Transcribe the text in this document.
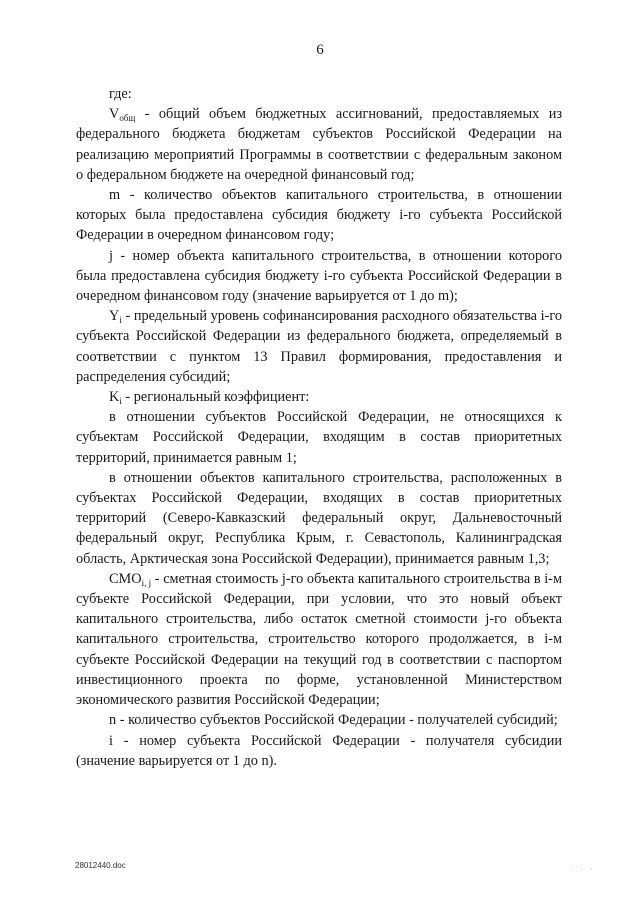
6

где:

$V_{общ}$ - общий объем бюджетных ассигнований, предоставляемых из федерального бюджета бюджетам субъектов Российской Федерации на реализацию мероприятий Программы в соответствии с федеральным законом о федеральном бюджете на очередной финансовый год;

m - количество объектов капитального строительства, в отношении которых была предоставлена субсидия бюджету i-го субъекта Российской Федерации в очередном финансовом году;

j - номер объекта капитального строительства, в отношении которого была предоставлена субсидия бюджету i-го субъекта Российской Федерации в очередном финансовом году (значение варьируется от 1 до m);

$Y_i$ - предельный уровень софинансирования расходного обязательства i-го субъекта Российской Федерации из федерального бюджета, определяемый в соответствии с пунктом 13 Правил формирования, предоставления и распределения субсидий;

$K_i$ - региональный коэффициент:

в отношении субъектов Российской Федерации, не относящихся к субъектам Российской Федерации, входящим в состав приоритетных территорий, принимается равным 1;

в отношении объектов капитального строительства, расположенных в субъектах Российской Федерации, входящих в состав приоритетных территорий (Северо-Кавказский федеральный округ, Дальневосточный федеральный округ, Республика Крым, г. Севастополь, Калининградская область, Арктическая зона Российской Федерации), принимается равным 1,3;

$СМО_{i, j}$ - сметная стоимость j-го объекта капитального строительства в i-м субъекте Российской Федерации, при условии, что это новый объект капитального строительства, либо остаток сметной стоимости j-го объекта капитального строительства, строительство которого продолжается, в i-м субъекте Российской Федерации на текущий год в соответствии с паспортом инвестиционного проекта по форме, установленной Министерством экономического развития Российской Федерации;

n - количество субъектов Российской Федерации - получателей субсидий;

i - номер субъекта Российской Федерации - получателя субсидии (значение варьируется от 1 до n).

28012440.doc	· · ·
